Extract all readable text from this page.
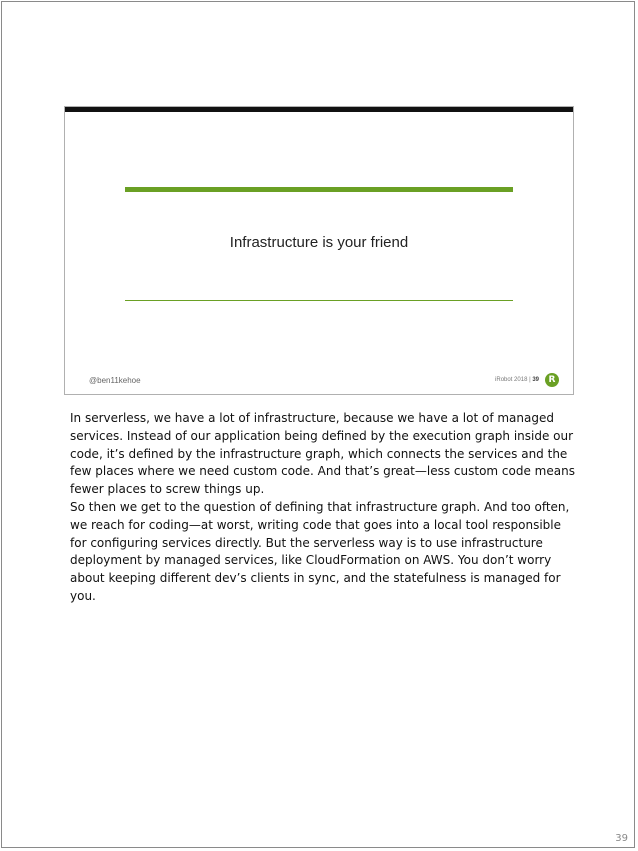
Infrastructure is your friend
@ben11kehoe	iRobot 2018 | 39	R

In serverless, we have a lot of infrastructure, because we have a lot of managed services. Instead of our application being defined by the execution graph inside our code, it’s defined by the infrastructure graph, which connects the services and the few places where we need custom code. And that’s great—less custom code means fewer places to screw things up.

So then we get to the question of defining that infrastructure graph. And too often, we reach for coding—at worst, writing code that goes into a local tool responsible for configuring services directly. But the serverless way is to use infrastructure deployment by managed services, like CloudFormation on AWS. You don’t worry about keeping different dev’s clients in sync, and the statefulness is managed for you.

39
